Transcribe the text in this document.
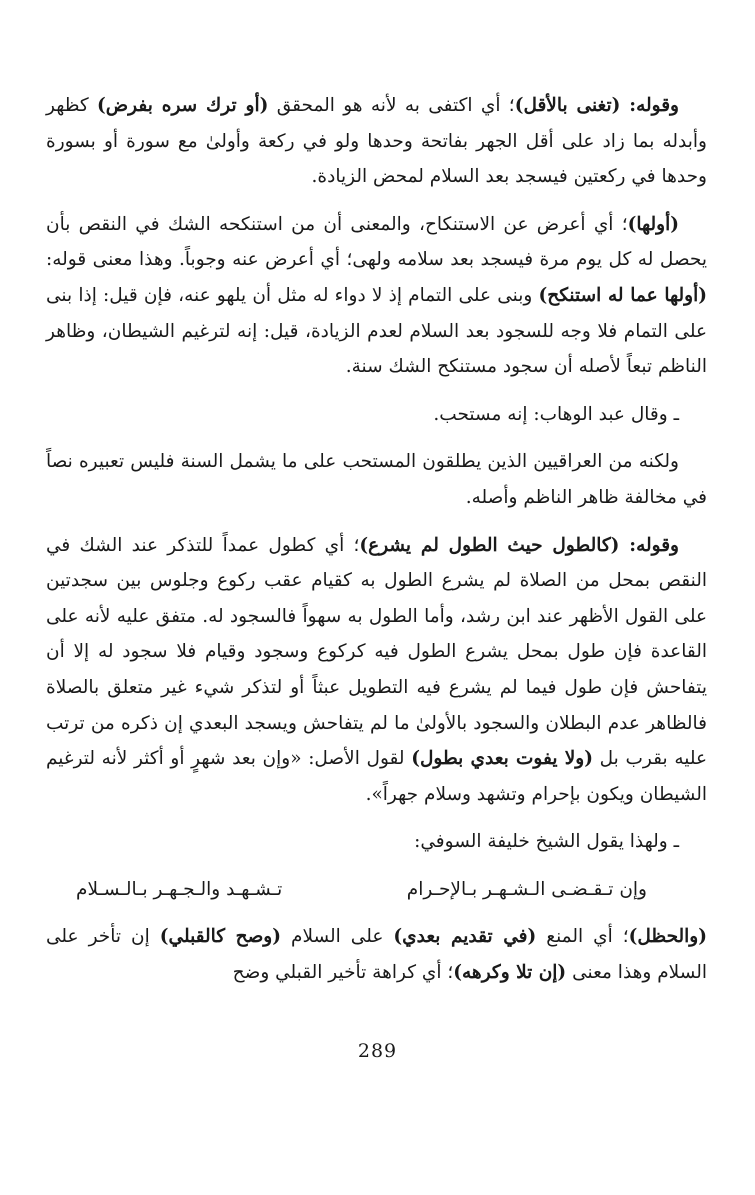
وقوله: (تغنى بالأقل)؛ أي اكتفى به لأنه هو المحقق (أو ترك سره بفرض) كظهر وأبدله بما زاد على أقل الجهر بفاتحة وحدها ولو في ركعة وأولىٰ مع سورة أو بسورة وحدها في ركعتين فيسجد بعد السلام لمحض الزيادة.

(أولها)؛ أي أعرض عن الاستنكاح، والمعنى أن من استنكحه الشك في النقص بأن يحصل له كل يوم مرة فيسجد بعد سلامه ولهى؛ أي أعرض عنه وجوباً. وهذا معنى قوله: (أولها عما له استنكح) وبنى على التمام إذ لا دواء له مثل أن يلهو عنه، فإن قيل: إذا بنى على التمام فلا وجه للسجود بعد السلام لعدم الزيادة، قيل: إنه لترغيم الشيطان، وظاهر الناظم تبعاً لأصله أن سجود مستنكح الشك سنة.

ـ وقال عبد الوهاب: إنه مستحب.

ولكنه من العراقيين الذين يطلقون المستحب على ما يشمل السنة فليس تعبيره نصاً في مخالفة ظاهر الناظم وأصله.

وقوله: (كالطول حيث الطول لم يشرع)؛ أي كطول عمداً للتذكر عند الشك في النقص بمحل من الصلاة لم يشرع الطول به كقيام عقب ركوع وجلوس بين سجدتين على القول الأظهر عند ابن رشد، وأما الطول به سهواً فالسجود له. متفق عليه لأنه على القاعدة فإن طول بمحل يشرع الطول فيه كركوع وسجود وقيام فلا سجود له إلا أن يتفاحش فإن طول فيما لم يشرع فيه التطويل عبثاً أو لتذكر شيء غير متعلق بالصلاة فالظاهر عدم البطلان والسجود بالأولىٰ ما لم يتفاحش ويسجد البعدي إن ذكره من ترتب عليه بقرب بل (ولا يفوت بعدي بطول) لقول الأصل: «وإن بعد شهرٍ أو أكثر لأنه لترغيم الشيطان ويكون بإحرام وتشهد وسلام جهراً».

ـ ولهذا يقول الشيخ خليفة السوفي:

وإن تـقـضـى الـشـهـر بـالإحـرام
تـشـهـد والـجـهـر بـالـسـلام

(والحظل)؛ أي المنع (في تقديم بعدي) على السلام (وصح كالقبلي) إن تأخر على السلام وهذا معنى (إن تلا وكرهه)؛ أي كراهة تأخير القبلي وضح

289
